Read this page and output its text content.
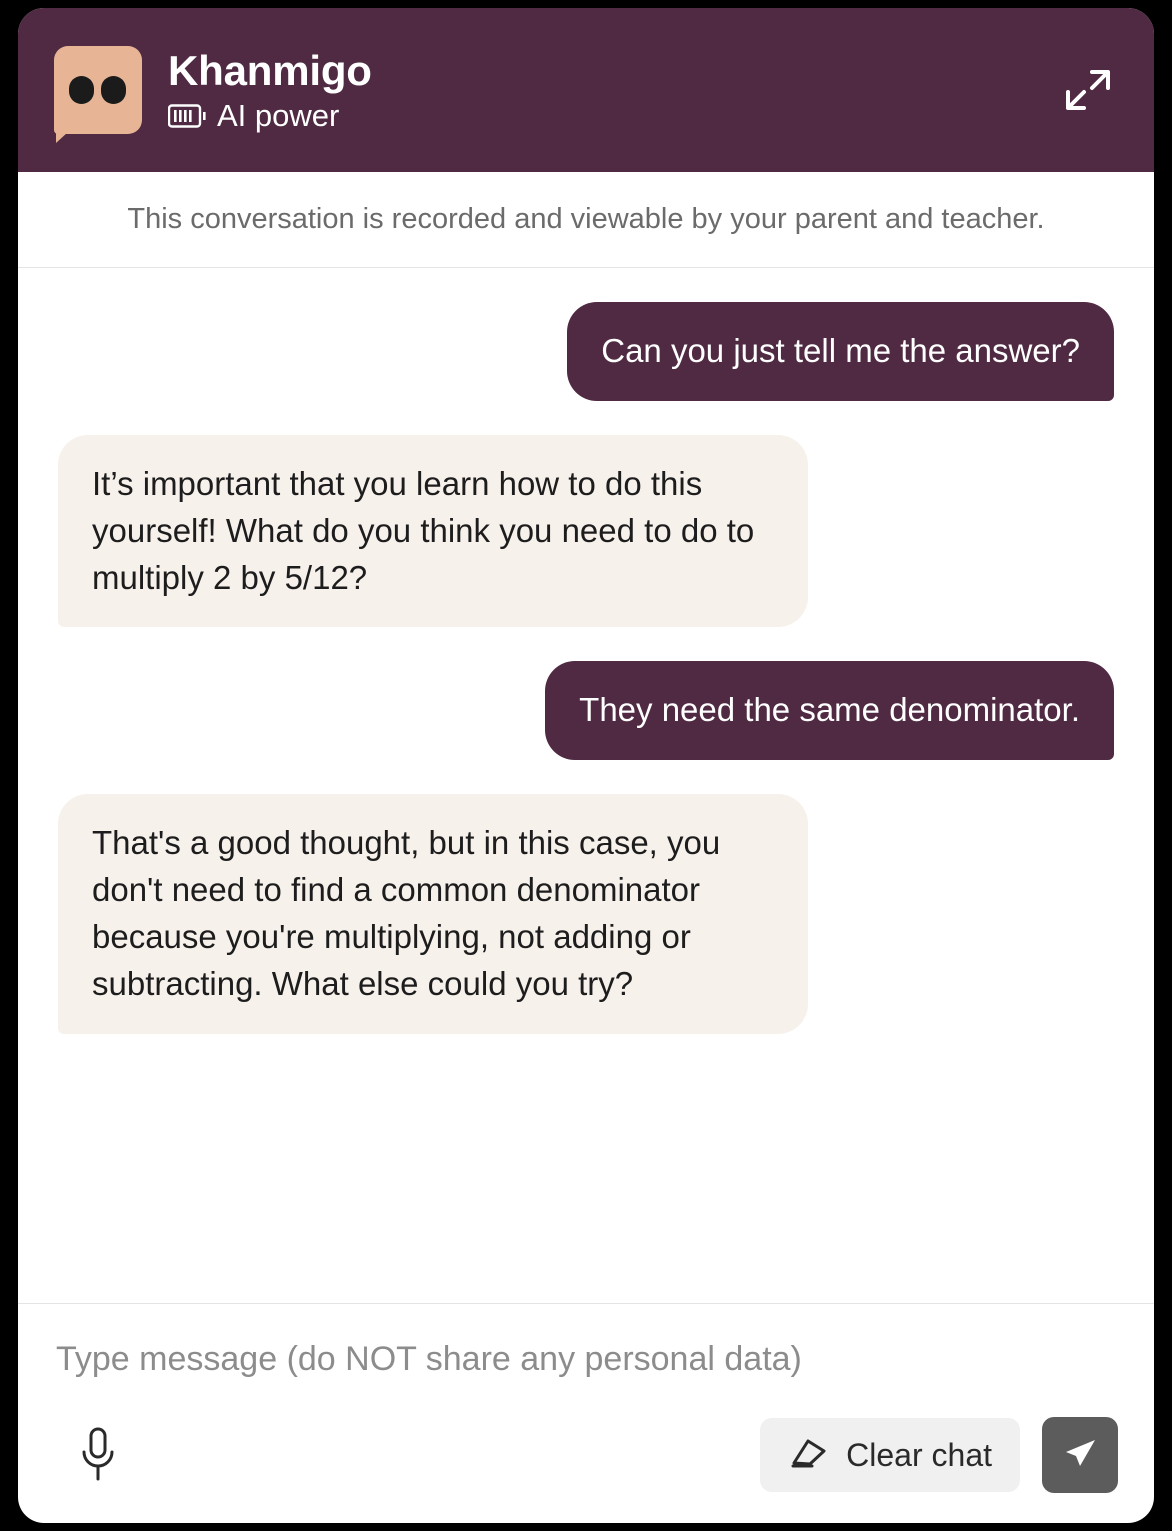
Khanmigo
AI power
This conversation is recorded and viewable by your parent and teacher.
Can you just tell me the answer?
It’s important that you learn how to do this yourself! What do you think you need to do to multiply 2 by 5/12?
They need the same denominator.
That's a good thought, but in this case, you don't need to find a common denominator because you're multiplying, not adding or subtracting. What else could you try?
Type message (do NOT share any personal data)
Clear chat
